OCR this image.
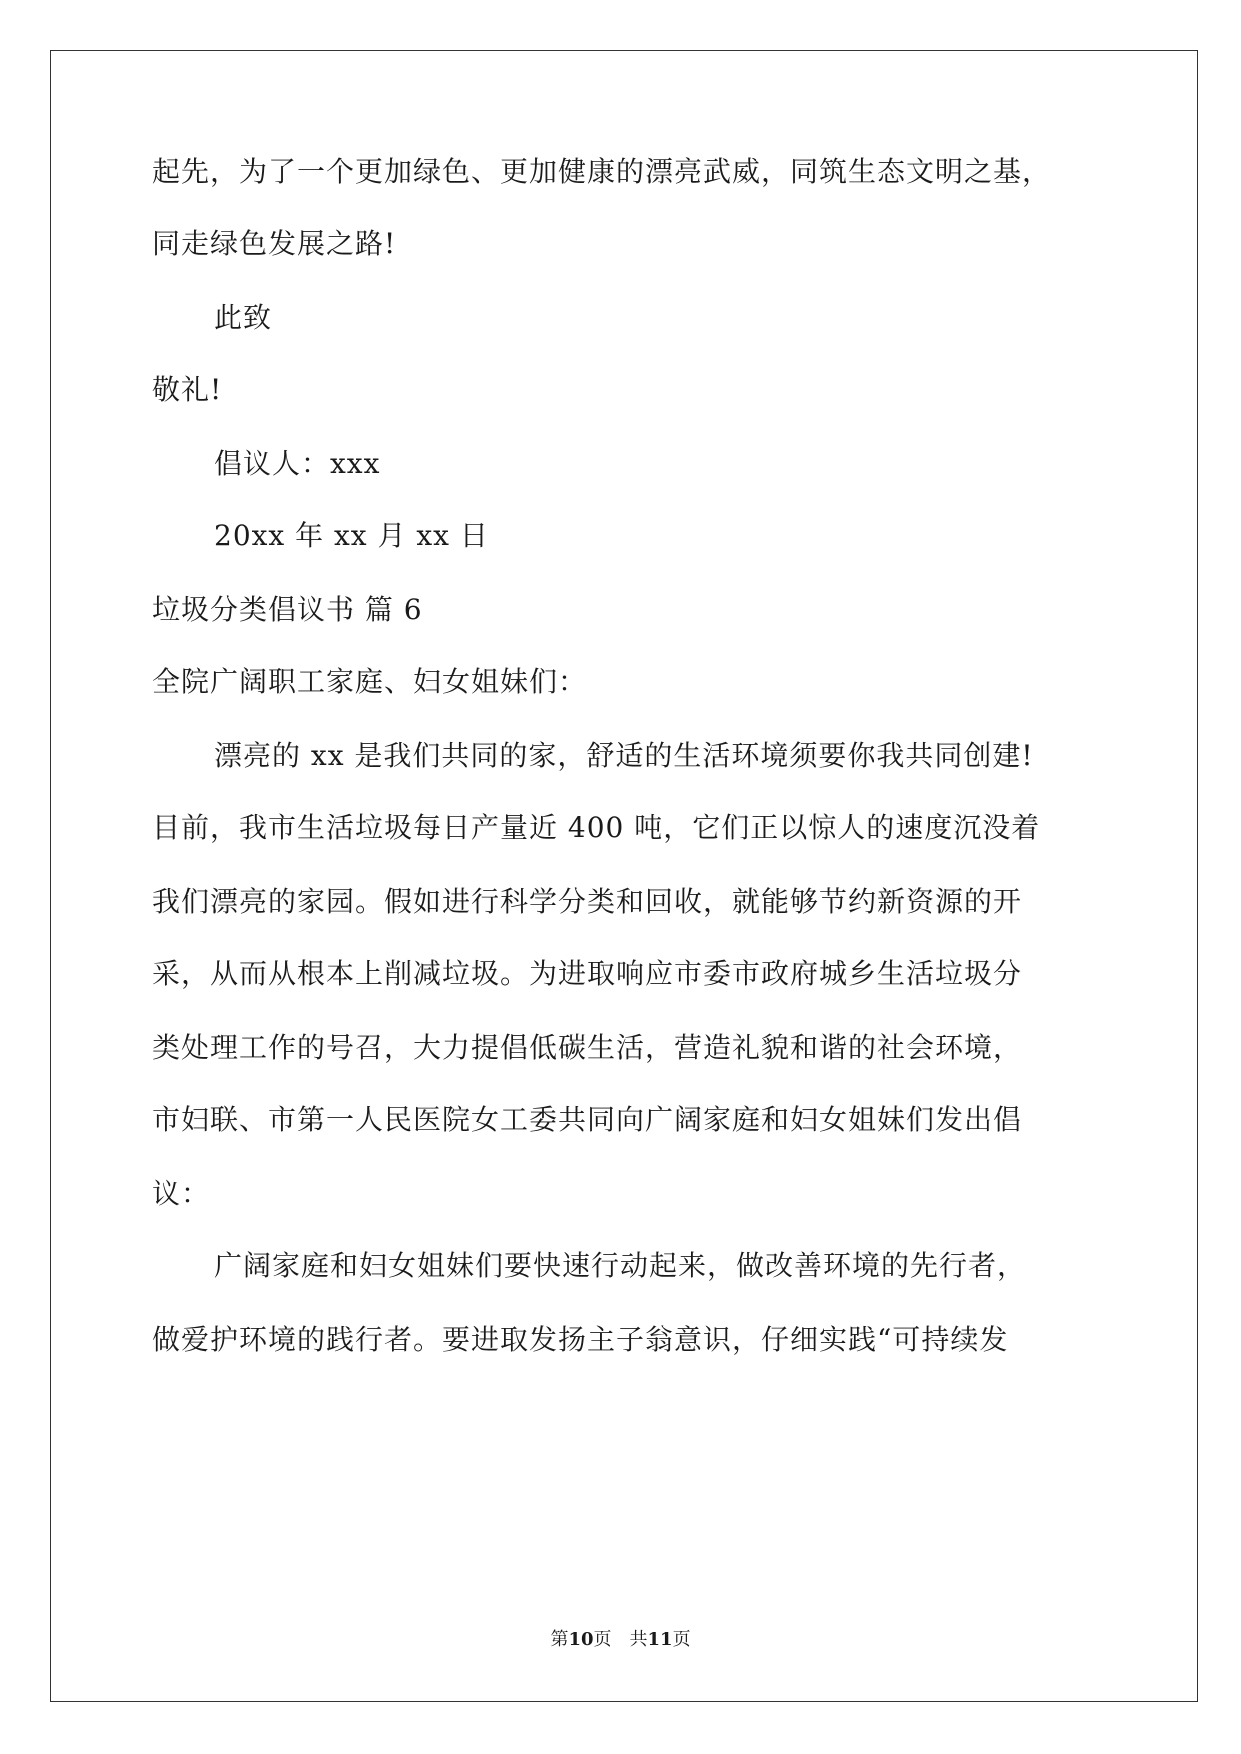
起先，为了一个更加绿色、更加健康的漂亮武威，同筑生态文明之基，
同走绿色发展之路!
此致
敬礼!
倡议人：xxx
20xx 年 xx 月 xx 日
垃圾分类倡议书 篇 6
全院广阔职工家庭、妇女姐妹们：
漂亮的 xx 是我们共同的家，舒适的生活环境须要你我共同创建!
目前，我市生活垃圾每日产量近 400 吨，它们正以惊人的速度沉没着
我们漂亮的家园。假如进行科学分类和回收，就能够节约新资源的开
采，从而从根本上削减垃圾。为进取响应市委市政府城乡生活垃圾分
类处理工作的号召，大力提倡低碳生活，营造礼貌和谐的社会环境，
市妇联、市第一人民医院女工委共同向广阔家庭和妇女姐妹们发出倡
议：
广阔家庭和妇女姐妹们要快速行动起来，做改善环境的先行者，
做爱护环境的践行者。要进取发扬主子翁意识，仔细实践“可持续发
第10页 共11页
